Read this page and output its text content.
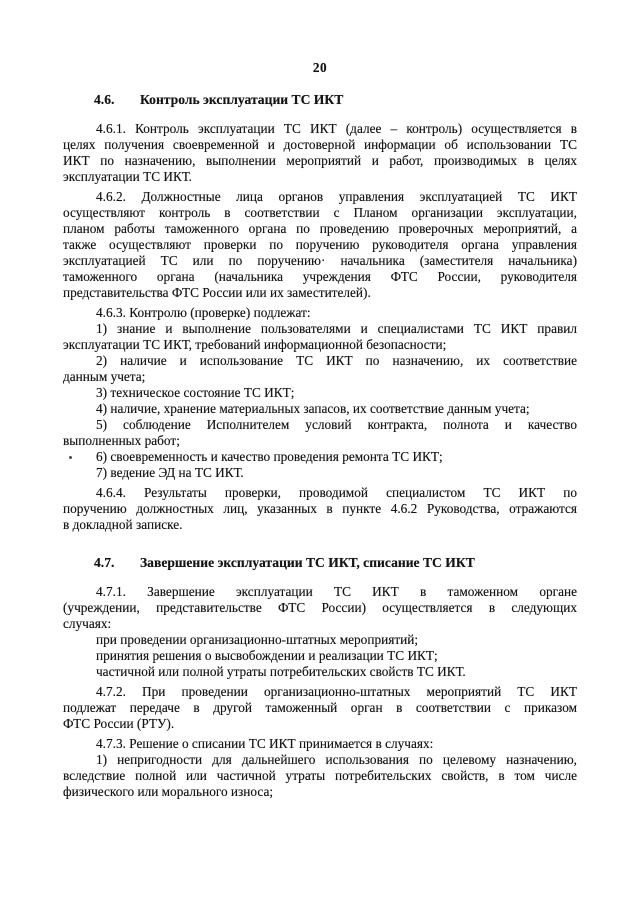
20
4.6. Контроль эксплуатации ТС ИКТ
4.6.1. Контроль эксплуатации ТС ИКТ (далее – контроль) осуществляется в
целях получения своевременной и достоверной информации об использовании ТС
ИКТ по назначению, выполнении мероприятий и работ, производимых в целях
эксплуатации ТС ИКТ.
4.6.2. Должностные лица органов управления эксплуатацией ТС ИКТ
осуществляют контроль в соответствии с Планом организации эксплуатации,
планом работы таможенного органа по проведению проверочных мероприятий, а
также осуществляют проверки по поручению руководителя органа управления
эксплуатацией ТС или по поручению· начальника (заместителя начальника)
таможенного органа (начальника учреждения ФТС России, руководителя
представительства ФТС России или их заместителей).
4.6.3. Контролю (проверке) подлежат:
1) знание и выполнение пользователями и специалистами ТС ИКТ правил
эксплуатации ТС ИКТ, требований информационной безопасности;
2) наличие и использование ТС ИКТ по назначению, их соответствие
данным учета;
3) техническое состояние ТС ИКТ;
4) наличие, хранение материальных запасов, их соответствие данным учета;
5) соблюдение Исполнителем условий контракта, полнота и качество
выполненных работ;
6) своевременность и качество проведения ремонта ТС ИКТ;
7) ведение ЭД на ТС ИКТ.
4.6.4. Результаты проверки, проводимой специалистом ТС ИКТ по
поручению должностных лиц, указанных в пункте 4.6.2 Руководства, отражаются
в докладной записке.
4.7. Завершение эксплуатации ТС ИКТ, списание ТС ИКТ
4.7.1. Завершение эксплуатации ТС ИКТ в таможенном органе
(учреждении, представительстве ФТС России) осуществляется в следующих
случаях:
при проведении организационно-штатных мероприятий;
принятия решения о высвобождении и реализации ТС ИКТ;
частичной или полной утраты потребительских свойств ТС ИКТ.
4.7.2. При проведении организационно-штатных мероприятий ТС ИКТ
подлежат передаче в другой таможенный орган в соответствии с приказом
ФТС России (РТУ).
4.7.3. Решение о списании ТС ИКТ принимается в случаях:
1) непригодности для дальнейшего использования по целевому назначению,
вследствие полной или частичной утраты потребительских свойств, в том числе
физического или морального износа;
